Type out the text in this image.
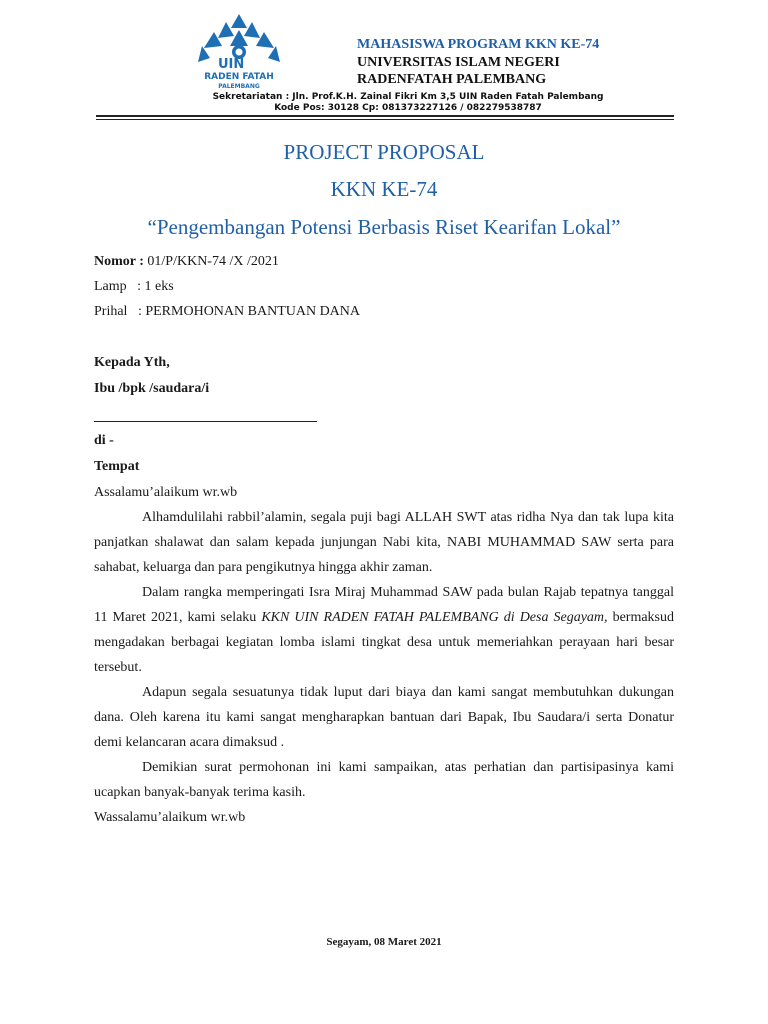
UIN
RADEN FATAH
PALEMBANG
MAHASISWA PROGRAM KKN KE-74
UNIVERSITAS ISLAM NEGERI
RADENFATAH PALEMBANG
Sekretariatan : Jln. Prof.K.H. Zainal Fikri Km 3,5 UIN Raden Fatah Palembang
Kode Pos: 30128 Cp: 081373227126 / 082279538787
PROJECT PROPOSAL
KKN KE-74
“Pengembangan Potensi Berbasis Riset Kearifan Lokal”
Nomor : 01/P/KKN-74 /X /2021
Lamp   : 1 eks
Prihal   : PERMOHONAN BANTUAN DANA
Kepada Yth,
Ibu /bpk /saudara/i
di -
Tempat
Assalamu’alaikum wr.wb
Alhamdulilahi rabbil’alamin, segala puji bagi ALLAH SWT atas ridha Nya dan tak lupa kita panjatkan shalawat dan salam kepada junjungan Nabi kita, NABI MUHAMMAD SAW serta para sahabat, keluarga dan para pengikutnya hingga akhir zaman.
Dalam rangka memperingati Isra Miraj Muhammad SAW pada bulan Rajab tepatnya tanggal 11 Maret 2021, kami selaku KKN UIN RADEN FATAH PALEMBANG di Desa Segayam, bermaksud mengadakan berbagai kegiatan lomba islami tingkat desa untuk memeriahkan perayaan hari besar tersebut.
Adapun segala sesuatunya tidak luput dari biaya dan kami sangat membutuhkan dukungan dana. Oleh karena itu kami sangat mengharapkan bantuan dari Bapak, Ibu Saudara/i serta Donatur demi kelancaran acara dimaksud .
Demikian surat permohonan ini kami sampaikan, atas perhatian dan partisipasinya kami ucapkan banyak-banyak terima kasih.
Wassalamu’alaikum wr.wb
Segayam, 08 Maret 2021
